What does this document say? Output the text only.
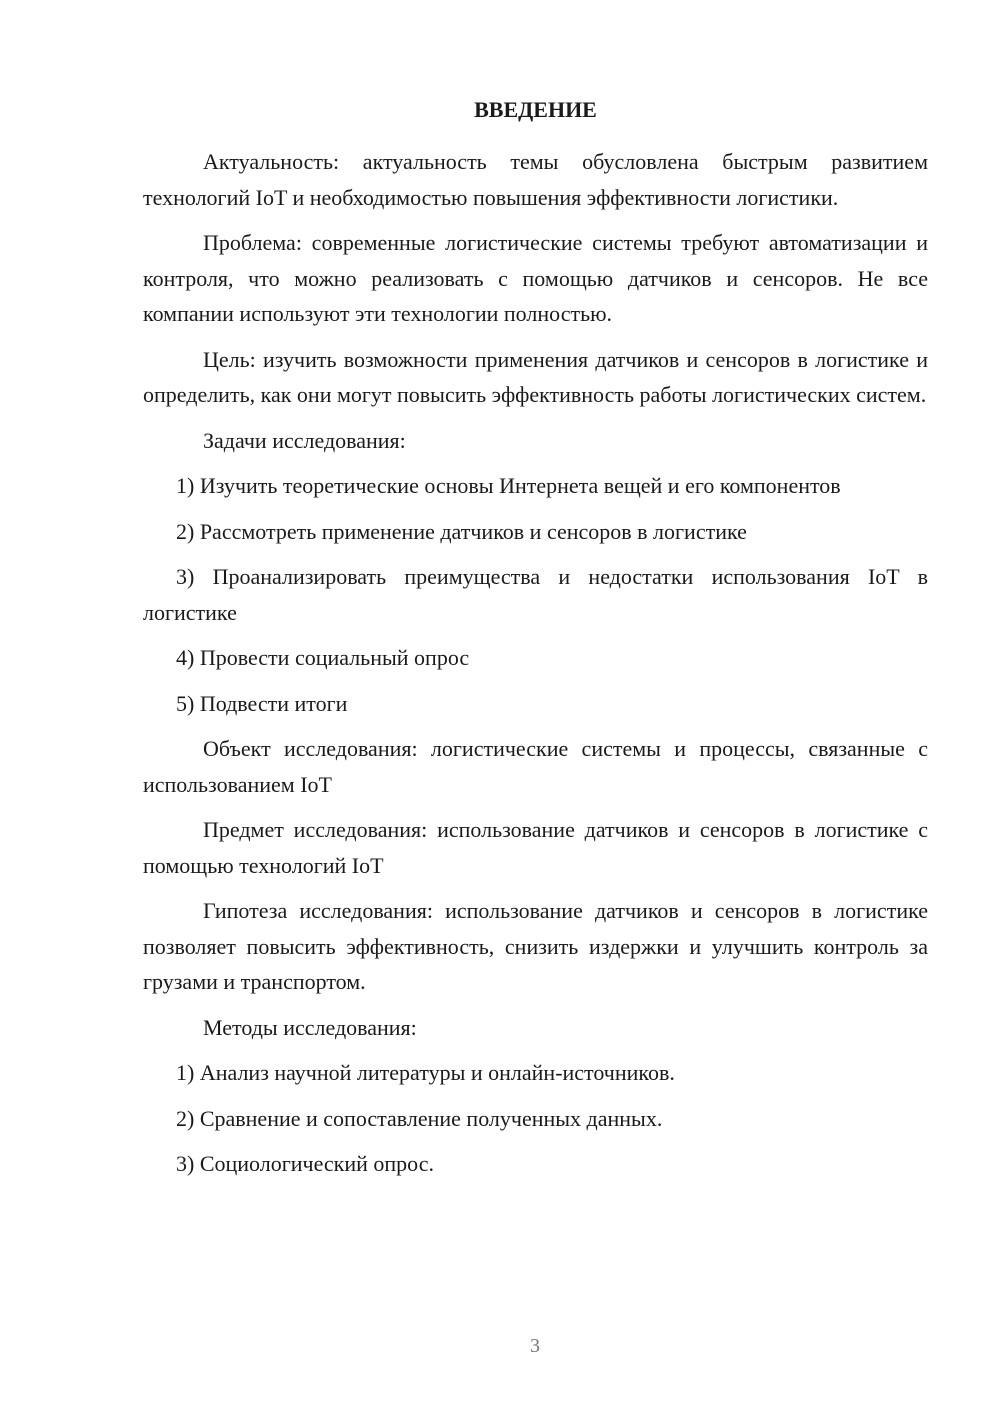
ВВЕДЕНИЕ

Актуальность: актуальность темы обусловлена быстрым развитием технологий IoT и необходимостью повышения эффективности логистики.

Проблема: современные логистические системы требуют автоматизации и контроля, что можно реализовать с помощью датчиков и сенсоров. Не все компании используют эти технологии полностью.

Цель: изучить возможности применения датчиков и сенсоров в логистике и определить, как они могут повысить эффективность работы логистических систем.

Задачи исследования:

1) Изучить теоретические основы Интернета вещей и его компонентов

2) Рассмотреть применение датчиков и сенсоров в логистике

3) Проанализировать преимущества и недостатки использования IoT в логистике

4) Провести социальный опрос

5) Подвести итоги

Объект исследования: логистические системы и процессы, связанные с использованием IoT

Предмет исследования: использование датчиков и сенсоров в логистике с помощью технологий IoT

Гипотеза исследования: использование датчиков и сенсоров в логистике позволяет повысить эффективность, снизить издержки и улучшить контроль за грузами и транспортом.

Методы исследования:

1) Анализ научной литературы и онлайн-источников.

2) Сравнение и сопоставление полученных данных.

3) Социологический опрос.

3
